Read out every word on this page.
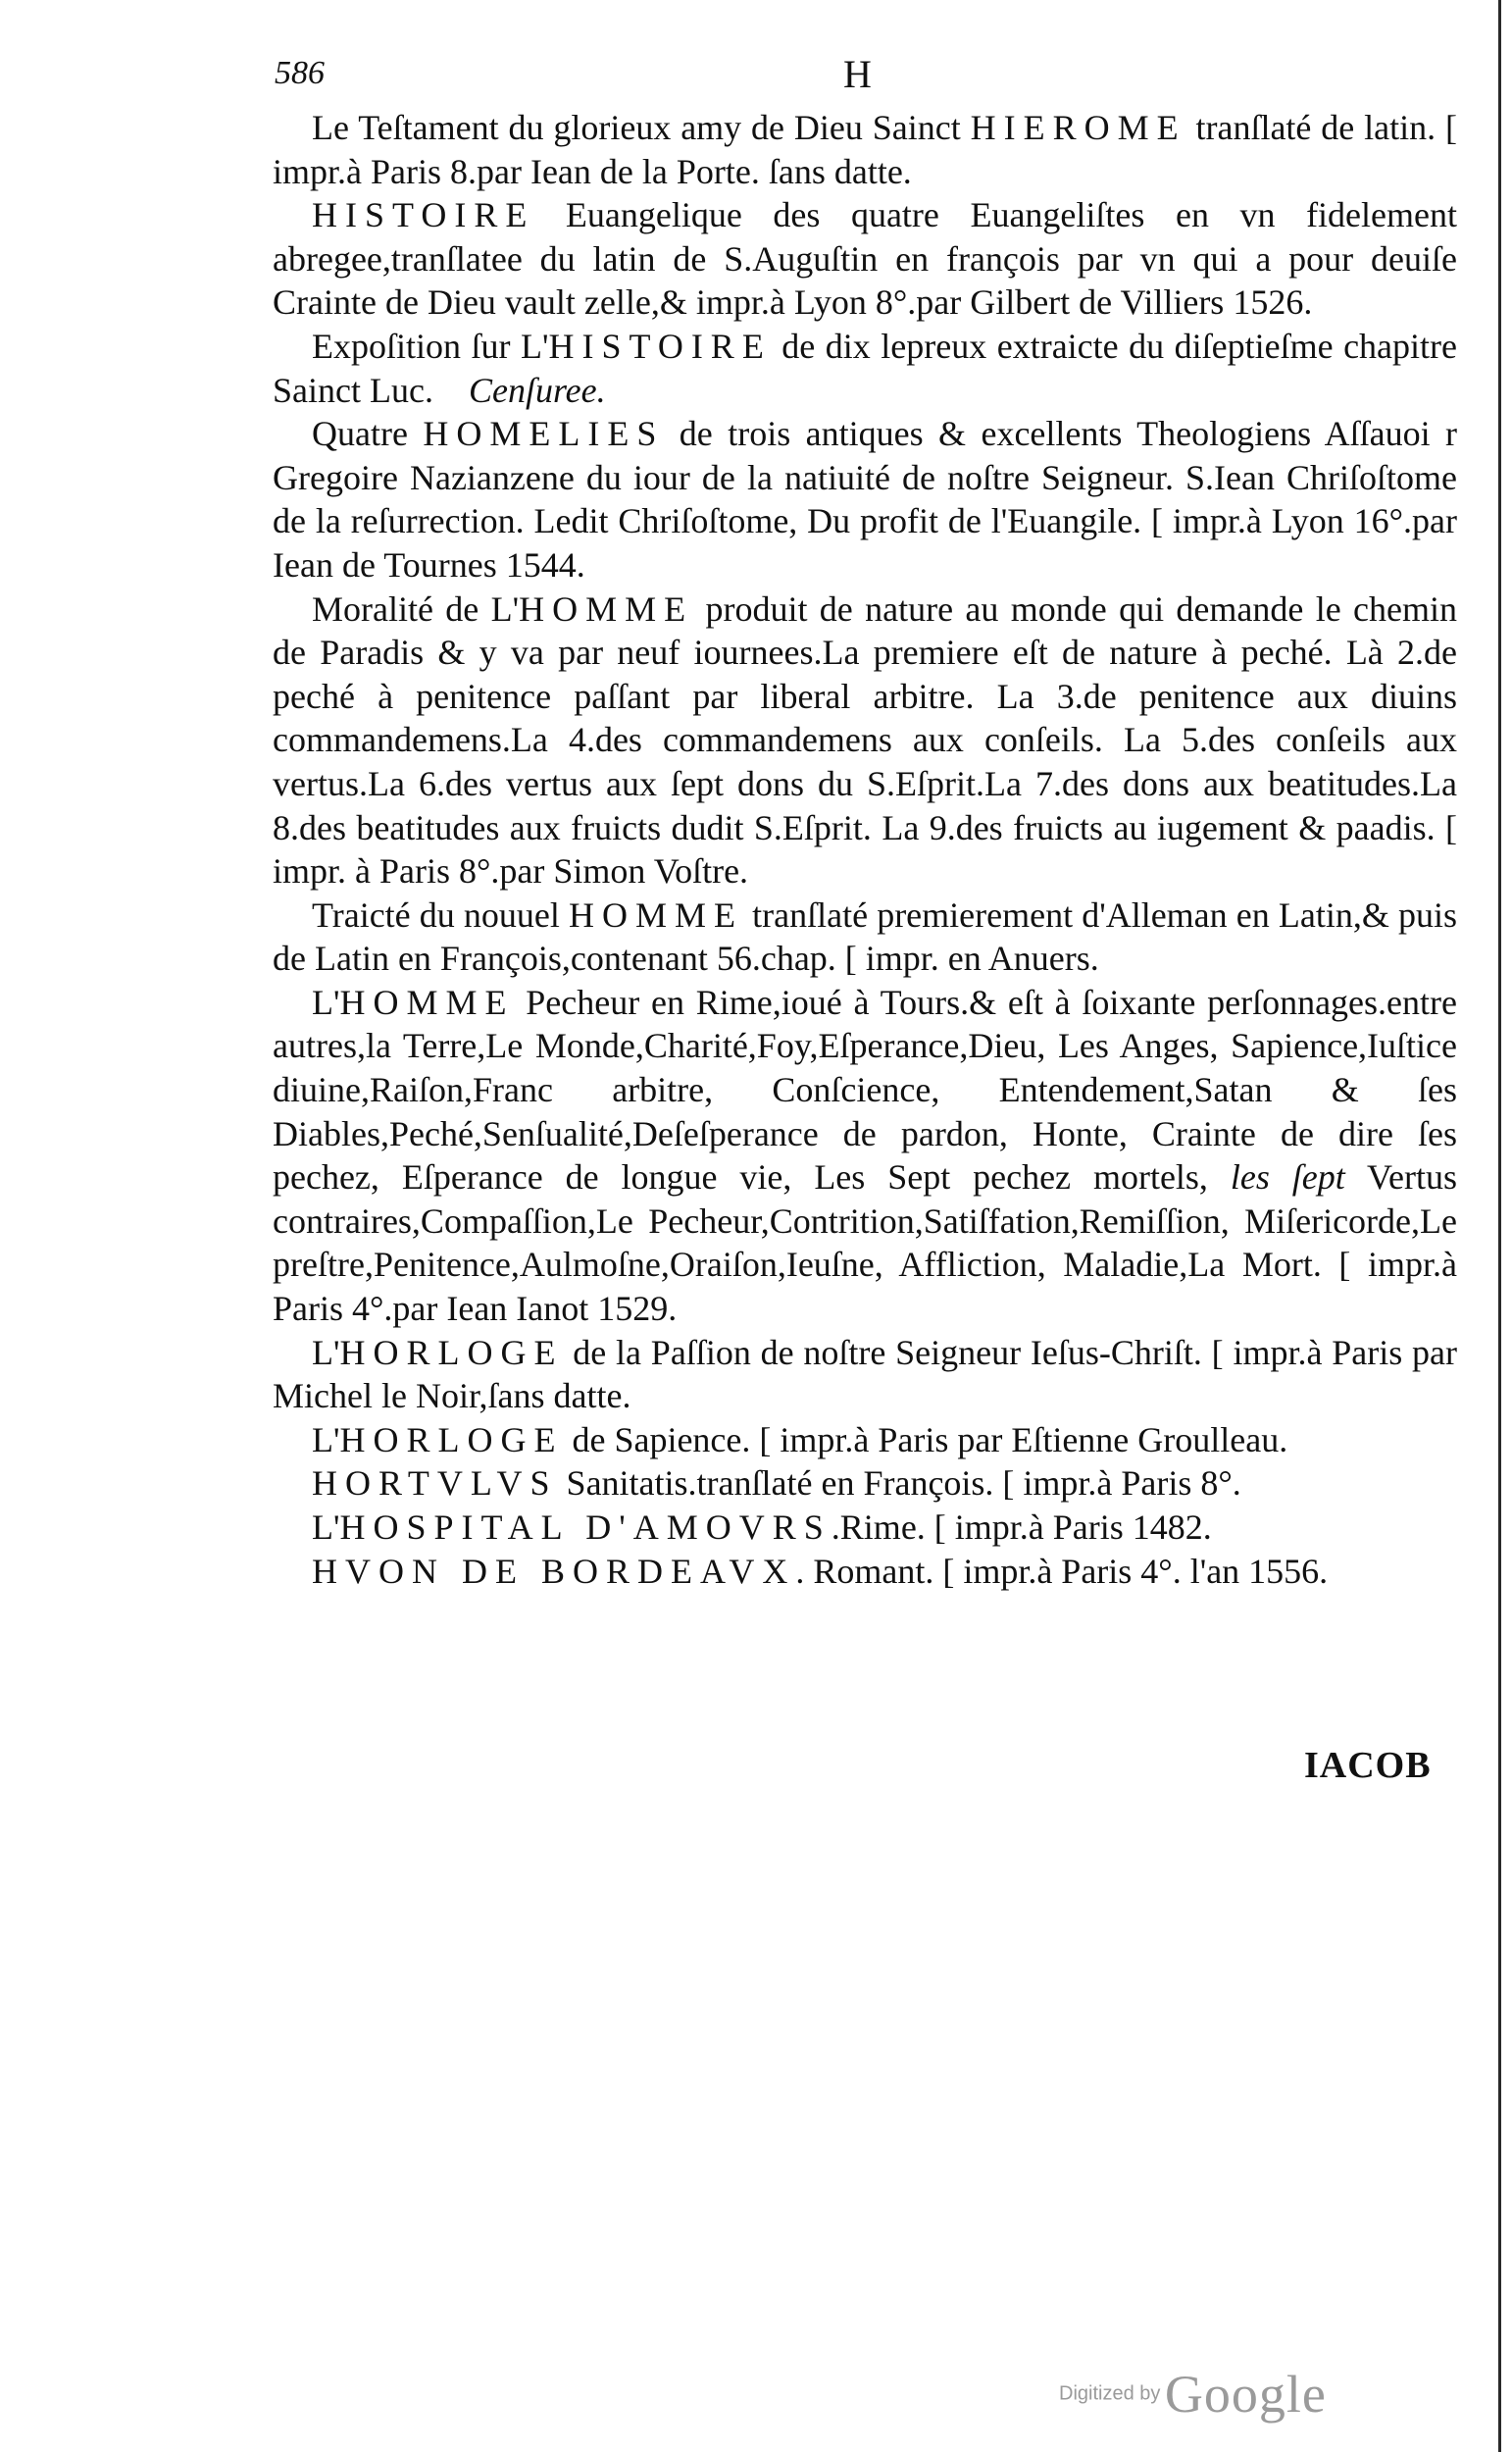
586	H

Le Teſtament du glorieux amy de Dieu Sainct HIEROME tranſlaté de latin. [ impr.à Paris 8.par Iean de la Porte. ſans datte.

HISTOIRE Euangelique des quatre Euangeliſtes en vn fidelement abregee,tranſlatee du latin de S.Auguſtin en françois par vn qui a pour deuiſe Crainte de Dieu vault zelle,& impr.à Lyon 8°.par Gilbert de Villiers 1526.

Expoſition ſur L'HISTOIRE de dix lepreux extraicte du diſeptieſme chapitre Sainct Luc. Cenſuree.

Quatre HOMELIES de trois antiques & excellents Theologiens Aſſauoi r Gregoire Nazianzene du iour de la natiuité de noſtre Seigneur. S.Iean Chriſoſtome de la reſurrection. Ledit Chriſoſtome, Du profit de l'Euangile. [ impr.à Lyon 16°.par Iean de Tournes 1544.

Moralité de L'HOMME produit de nature au monde qui demande le chemin de Paradis & y va par neuf iournees.La premiere eſt de nature à peché. Là 2.de peché à penitence paſſant par liberal arbitre. La 3.de penitence aux diuins commandemens.La 4.des commandemens aux conſeils. La 5.des conſeils aux vertus.La 6.des vertus aux ſept dons du S.Eſprit.La 7.des dons aux beatitudes.La 8.des beatitudes aux fruicts dudit S.Eſprit. La 9.des fruicts au iugement & paadis. [ impr. à Paris 8°.par Simon Voſtre.

Traicté du nouuel HOMME tranſlaté premierement d'Alleman en Latin,& puis de Latin en François,contenant 56.chap. [ impr. en Anuers.

L'HOMME Pecheur en Rime,ioué à Tours.& eſt à ſoixante perſonnages.entre autres,la Terre,Le Monde,Charité,Foy,Eſperance,Dieu, Les Anges, Sapience,Iuſtice diuine,Raiſon,Franc arbitre, Conſcience, Entendement,Satan & ſes Diables,Peché,Senſualité,Deſeſperance de pardon, Honte, Crainte de dire ſes pechez, Eſperance de longue vie, Les Sept pechez mortels, les ſept Vertus contraires,Compaſſion,Le Pecheur,Contrition,Satiſfation,Remiſſion, Miſericorde,Le preſtre,Penitence,Aulmoſne,Oraiſon,Ieuſne, Affliction, Maladie,La Mort. [ impr.à Paris 4°.par Iean Ianot 1529.

L'HORLOGE de la Paſſion de noſtre Seigneur Ieſus-Chriſt. [ impr.à Paris par Michel le Noir,ſans datte.

L'HORLOGE de Sapience. [ impr.à Paris par Eſtienne Groulleau.

HORTVLVS Sanitatis.tranſlaté en François. [ impr.à Paris 8°.

L'HOSPITAL D'AMOVRS.Rime. [ impr.à Paris 1482.

HVON DE BORDEAVX. Romant. [ impr.à Paris 4°. l'an 1556.

IACOB
Digitized by Google
